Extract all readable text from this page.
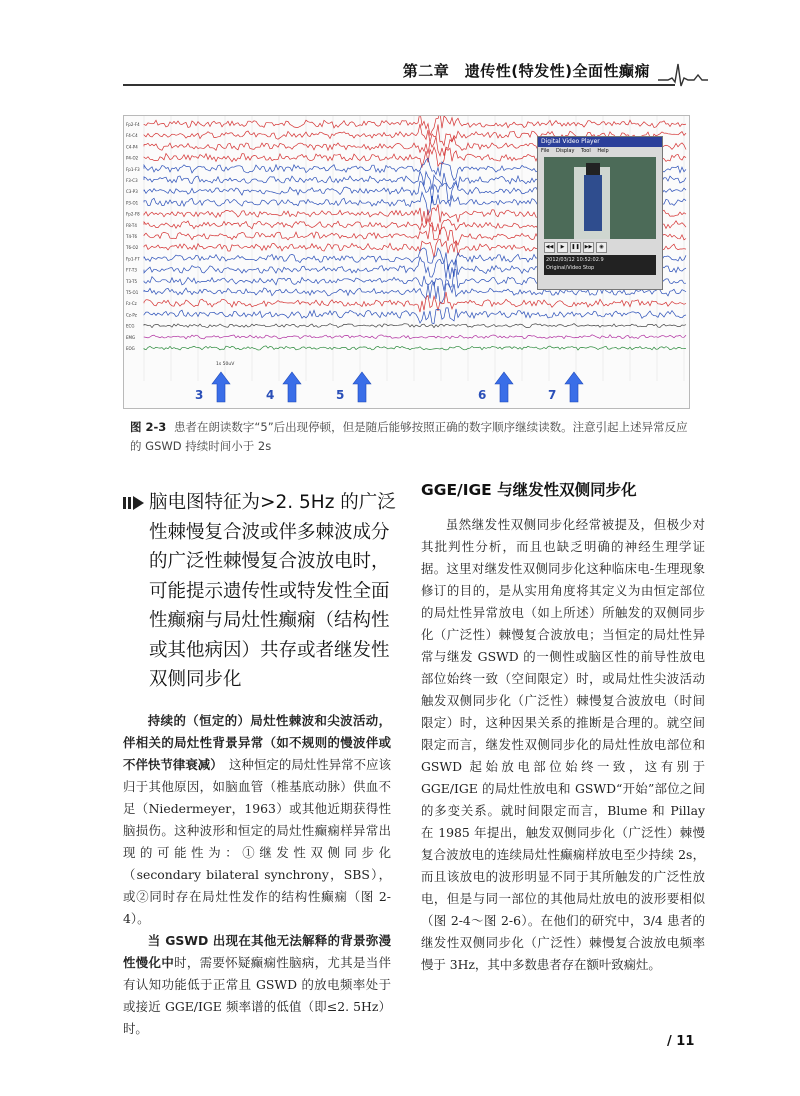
第二章　遗传性(特发性)全面性癫痫
Fp2-F4
F4-C4
C4-P4
P4-O2
Fp1-F3
F3-C3
C3-P3
P3-O1
Fp2-F8
F8-T4
T4-T6
T6-O2
Fp1-F7
F7-T3
T3-T5
T5-O1
Fz-Cz
Cz-Pz
ECG
EMG
EOG
1s 50uV
3	4	5	6	7
Digital Video Player
File Display Tool Help
◀◀	▶	❚❚ ▶▶	◉
2012/03/12 10:52:02.9
Original/Video Stop
图 2-3 患者在朗读数字“5”后出现停顿，但是随后能够按照正确的数字顺序继续读数。注意引起上述异常反应的 GSWD 持续时间小于 2s
脑电图特征为>2. 5Hz 的广泛性棘慢复合波或伴多棘波成分的广泛性棘慢复合波放电时，可能提示遗传性或特发性全面性癫痫与局灶性癫痫（结构性或其他病因）共存或者继发性双侧同步化

持续的（恒定的）局灶性棘波和尖波活动，伴相关的局灶性背景异常（如不规则的慢波伴或不伴快节律衰减）　这种恒定的局灶性异常不应该归于其他原因，如脑血管（椎基底动脉）供血不足（Niedermeyer，1963）或其他近期获得性脑损伤。这种波形和恒定的局灶性癫痫样异常出现的可能性为：①继发性双侧同步化（secondary bilateral synchrony，SBS），或②同时存在局灶性发作的结构性癫痫（图 2-4）。

当 GSWD 出现在其他无法解释的背景弥漫性慢化中时，需要怀疑癫痫性脑病，尤其是当伴有认知功能低于正常且 GSWD 的放电频率处于或接近 GGE/IGE 频率谱的低值（即≤2. 5Hz）时。

GGE/IGE 与继发性双侧同步化

虽然继发性双侧同步化经常被提及，但极少对其批判性分析，而且也缺乏明确的神经生理学证据。这里对继发性双侧同步化这种临床电-生理现象修订的目的，是从实用角度将其定义为由恒定部位的局灶性异常放电（如上所述）所触发的双侧同步化（广泛性）棘慢复合波放电；当恒定的局灶性异常与继发 GSWD 的一侧性或脑区性的前导性放电部位始终一致（空间限定）时，或局灶性尖波活动触发双侧同步化（广泛性）棘慢复合波放电（时间限定）时，这种因果关系的推断是合理的。就空间限定而言，继发性双侧同步化的局灶性放电部位和 GSWD 起始放电部位始终一致，这有别于 GGE/IGE 的局灶性放电和 GSWD“开始”部位之间的多变关系。就时间限定而言，Blume 和 Pillay 在 1985 年提出，触发双侧同步化（广泛性）棘慢复合波放电的连续局灶性癫痫样放电至少持续 2s，而且该放电的波形明显不同于其所触发的广泛性放电，但是与同一部位的其他局灶放电的波形要相似（图 2-4～图 2-6）。在他们的研究中，3/4 患者的继发性双侧同步化（广泛性）棘慢复合波放电频率慢于 3Hz，其中多数患者存在额叶致痫灶。

/ 11
